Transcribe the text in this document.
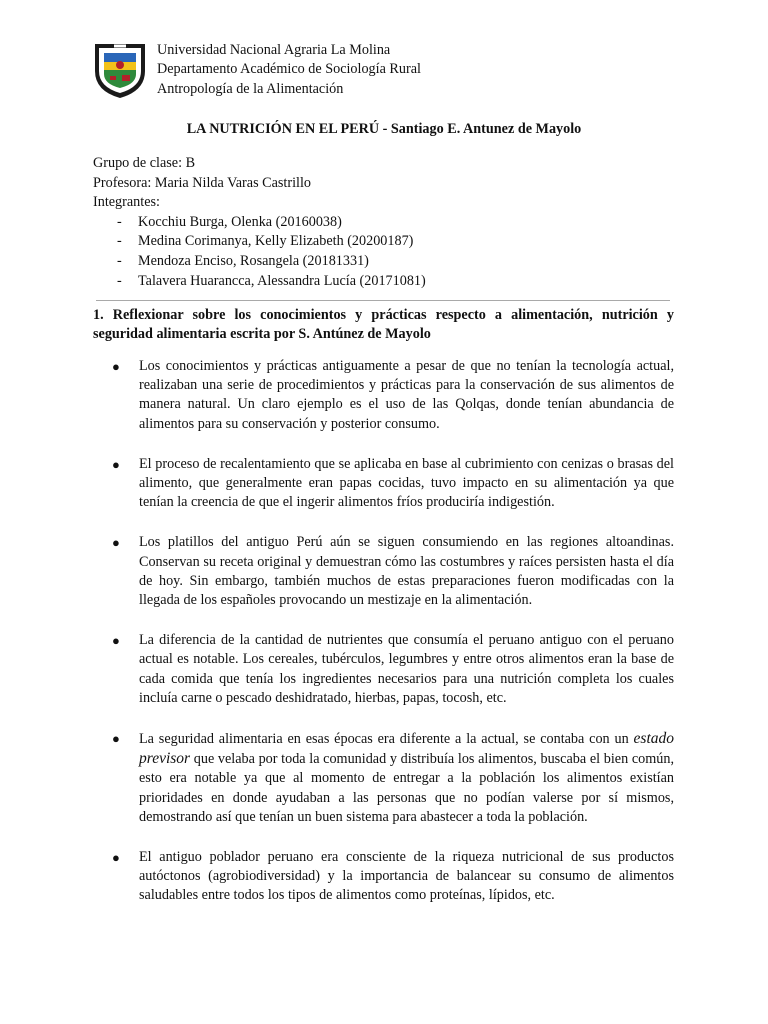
Universidad Nacional Agraria La Molina
Departamento Académico de Sociología Rural
Antropología de la Alimentación
LA NUTRICIÓN EN EL PERÚ - Santiago E. Antunez de Mayolo
Grupo de clase: B
Profesora: Maria Nilda Varas Castrillo
Integrantes:
- Kocchiu Burga, Olenka (20160038)
- Medina Corimanya, Kelly Elizabeth (20200187)
- Mendoza Enciso, Rosangela (20181331)
- Talavera Huarancca, Alessandra Lucía (20171081)
1. Reflexionar sobre los conocimientos y prácticas respecto a alimentación, nutrición y seguridad alimentaria escrita por S. Antúnez de Mayolo
● Los conocimientos y prácticas antiguamente a pesar de que no tenían la tecnología actual, realizaban una serie de procedimientos y prácticas para la conservación de sus alimentos de manera natural. Un claro ejemplo es el uso de las Qolqas, donde tenían abundancia de alimentos para su conservación y posterior consumo.
● El proceso de recalentamiento que se aplicaba en base al cubrimiento con cenizas o brasas del alimento, que generalmente eran papas cocidas, tuvo impacto en su alimentación ya que tenían la creencia de que el ingerir alimentos fríos produciría indigestión.
● Los platillos del antiguo Perú aún se siguen consumiendo en las regiones altoandinas. Conservan su receta original y demuestran cómo las costumbres y raíces persisten hasta el día de hoy. Sin embargo, también muchos de estas preparaciones fueron modificadas con la llegada de los españoles provocando un mestizaje en la alimentación.
● La diferencia de la cantidad de nutrientes que consumía el peruano antiguo con el peruano actual es notable. Los cereales, tubérculos, legumbres y entre otros alimentos eran la base de cada comida que tenía los ingredientes necesarios para una nutrición completa los cuales incluía carne o pescado deshidratado, hierbas, papas, tocosh, etc.
● La seguridad alimentaria en esas épocas era diferente a la actual, se contaba con un estado previsor que velaba por toda la comunidad y distribuía los alimentos, buscaba el bien común, esto era notable ya que al momento de entregar a la población los alimentos existían prioridades en donde ayudaban a las personas que no podían valerse por sí mismos, demostrando así que tenían un buen sistema para abastecer a toda la población.
● El antiguo poblador peruano era consciente de la riqueza nutricional de sus productos autóctonos (agrobiodiversidad) y la importancia de balancear su consumo de alimentos saludables entre todos los tipos de alimentos como proteínas, lípidos, etc.
